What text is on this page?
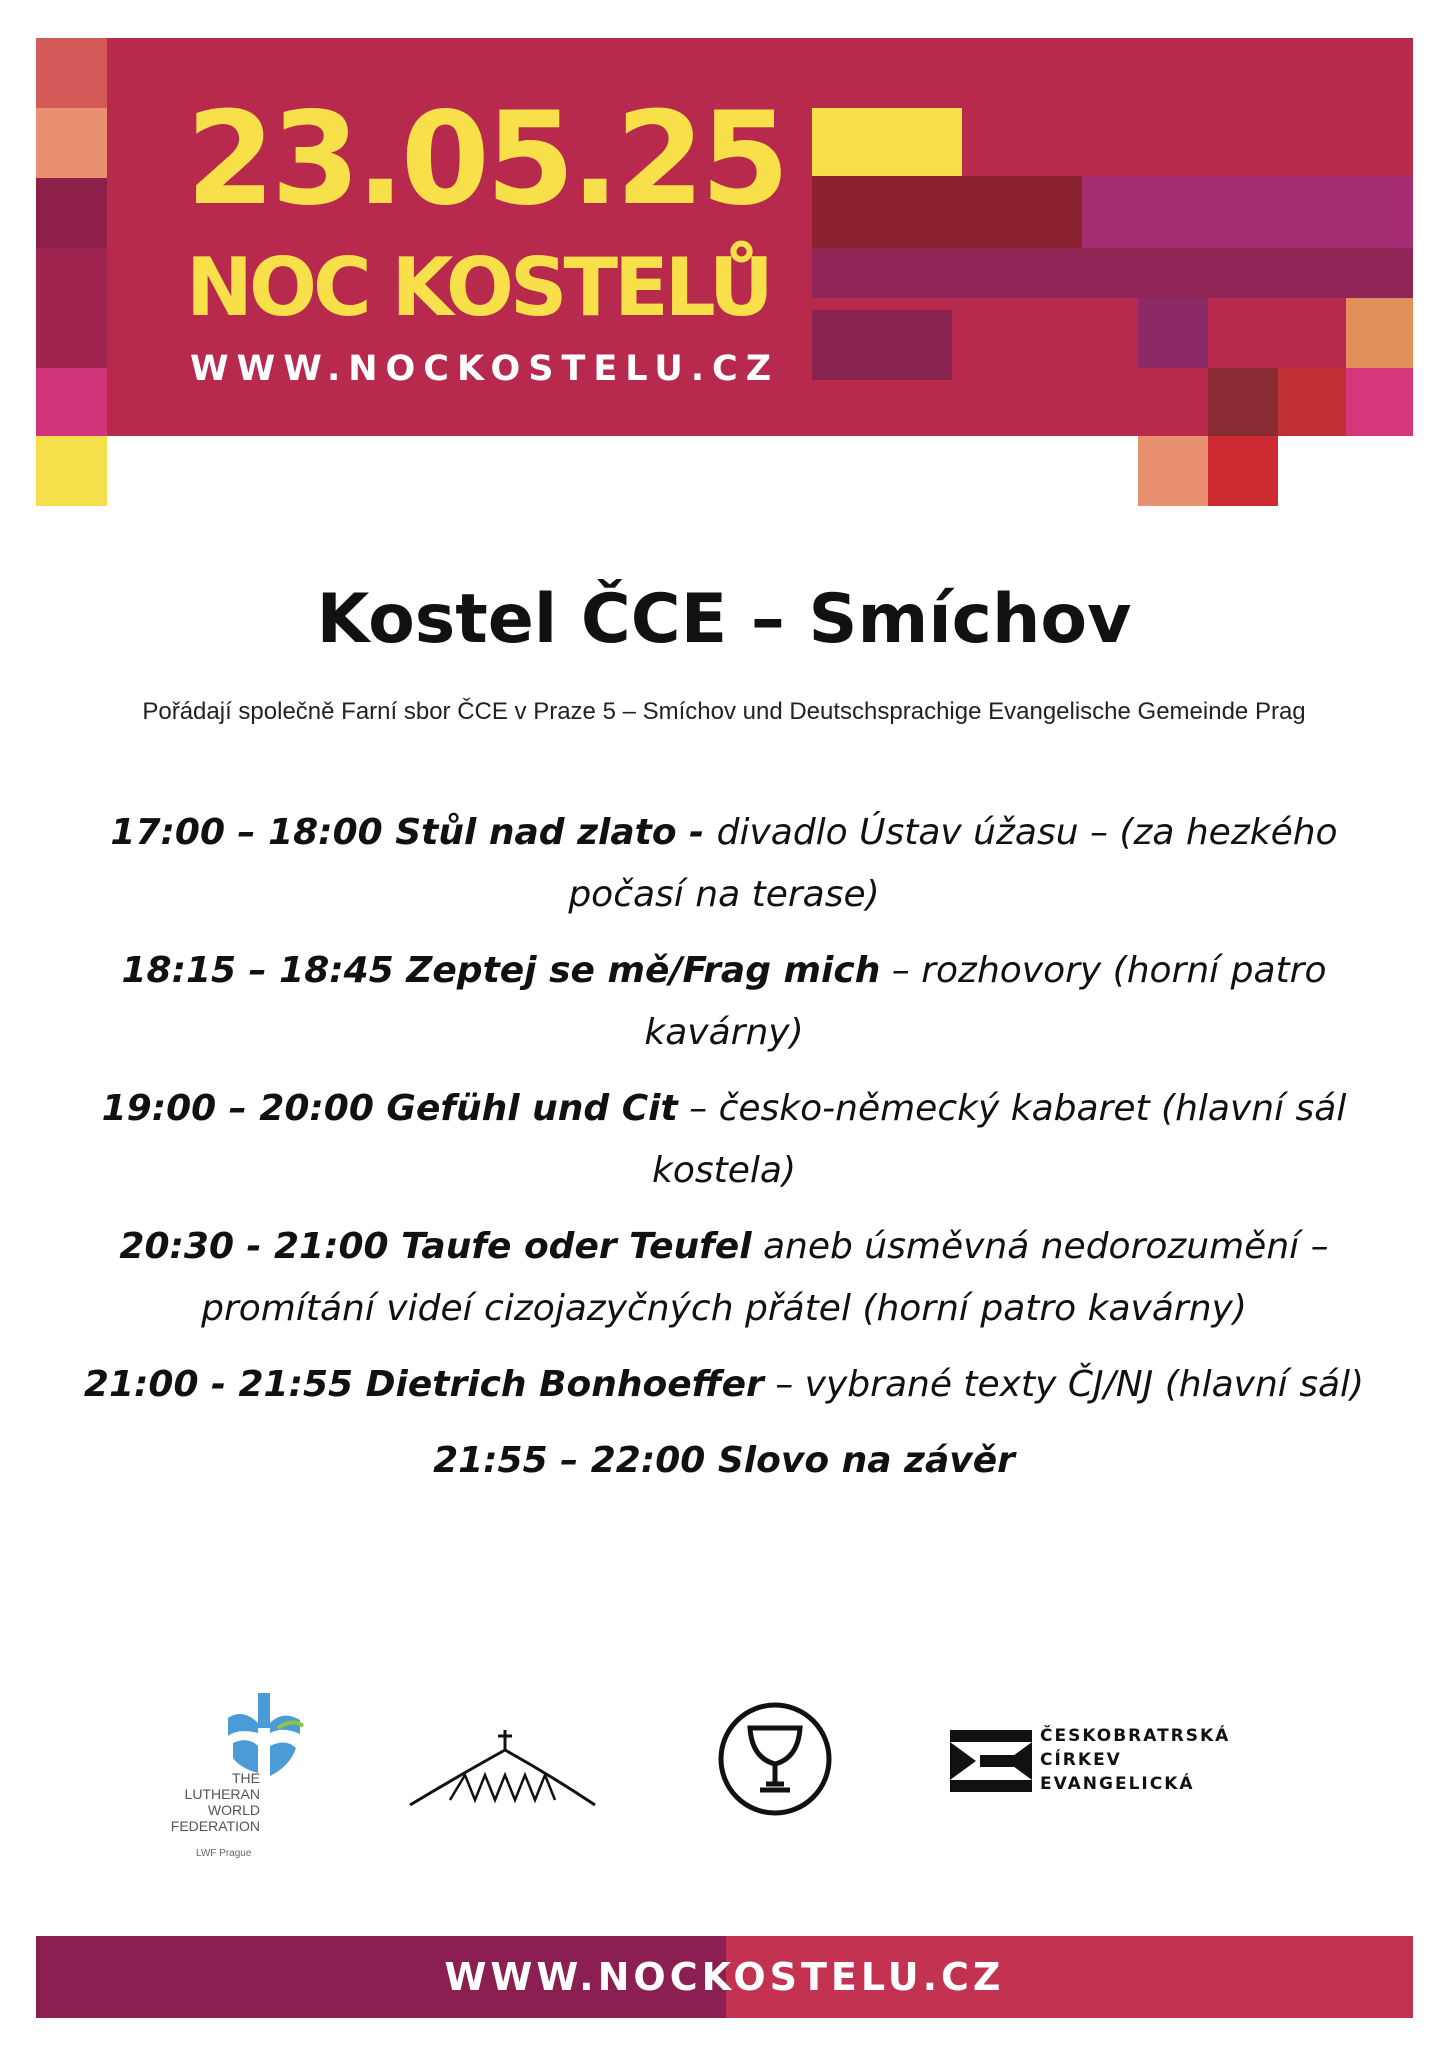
23.05.25
NOC KOSTELŮ
WWW.NOCKOSTELU.CZ
Kostel ČCE – Smíchov
Pořádají společně Farní sbor ČCE v Praze 5 – Smíchov und Deutschsprachige Evangelische Gemeinde Prag
17:00 – 18:00 Stůl nad zlato - divadlo Ústav úžasu – (za hezkého počasí na terase)
18:15 – 18:45 Zeptej se mě/Frag mich – rozhovory (horní patro kavárny)
19:00 – 20:00 Gefühl und Cit – česko-německý kabaret (hlavní sál kostela)
20:30 - 21:00 Taufe oder Teufel aneb úsměvná nedorozumění – promítání videí cizojazyčných přátel (horní patro kavárny)
21:00 - 21:55 Dietrich Bonhoeffer – vybrané texty ČJ/NJ (hlavní sál)
21:55 – 22:00 Slovo na závěr
THE
LUTHERAN
WORLD
FEDERATION
LWF Prague
ČESKOBRATRSKÁ
CÍRKEV
EVANGELICKÁ
WWW.NOCKOSTELU.CZ
